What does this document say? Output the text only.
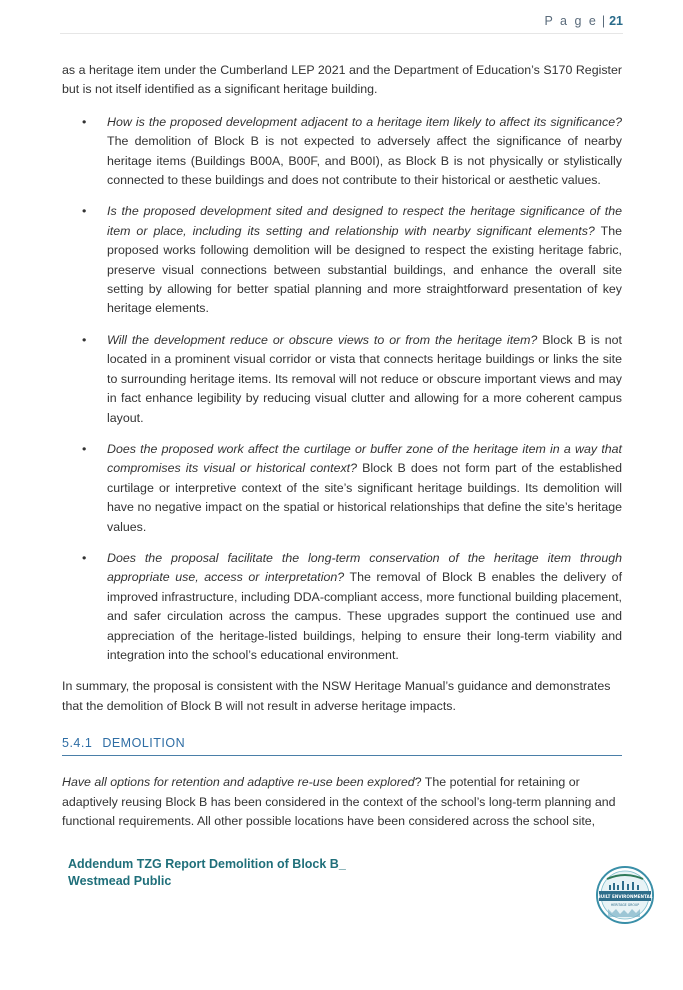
P a g e | 21

as a heritage item under the Cumberland LEP 2021 and the Department of Education’s S170 Register but is not itself identified as a significant heritage building.

• How is the proposed development adjacent to a heritage item likely to affect its significance? The demolition of Block B is not expected to adversely affect the significance of nearby heritage items (Buildings B00A, B00F, and B00I), as Block B is not physically or stylistically connected to these buildings and does not contribute to their historical or aesthetic values.
• Is the proposed development sited and designed to respect the heritage significance of the item or place, including its setting and relationship with nearby significant elements? The proposed works following demolition will be designed to respect the existing heritage fabric, preserve visual connections between substantial buildings, and enhance the overall site setting by allowing for better spatial planning and more straightforward presentation of key heritage elements.
• Will the development reduce or obscure views to or from the heritage item? Block B is not located in a prominent visual corridor or vista that connects heritage buildings or links the site to surrounding heritage items. Its removal will not reduce or obscure important views and may in fact enhance legibility by reducing visual clutter and allowing for a more coherent campus layout.
• Does the proposed work affect the curtilage or buffer zone of the heritage item in a way that compromises its visual or historical context? Block B does not form part of the established curtilage or interpretive context of the site’s significant heritage buildings. Its demolition will have no negative impact on the spatial or historical relationships that define the site’s heritage values.
• Does the proposal facilitate the long-term conservation of the heritage item through appropriate use, access or interpretation? The removal of Block B enables the delivery of improved infrastructure, including DDA-compliant access, more functional building placement, and safer circulation across the campus. These upgrades support the continued use and appreciation of the heritage-listed buildings, helping to ensure their long-term viability and integration into the school’s educational environment.

In summary, the proposal is consistent with the NSW Heritage Manual’s guidance and demonstrates that the demolition of Block B will not result in adverse heritage impacts.

5.4.1 DEMOLITION

Have all options for retention and adaptive re-use been explored? The potential for retaining or adaptively reusing Block B has been considered in the context of the school’s long-term planning and functional requirements. All other possible locations have been considered across the school site,

Addendum TZG Report Demolition of Block B_
Westmead Public
BUILT ENVIRONMENTAL
HERITAGE GROUP
